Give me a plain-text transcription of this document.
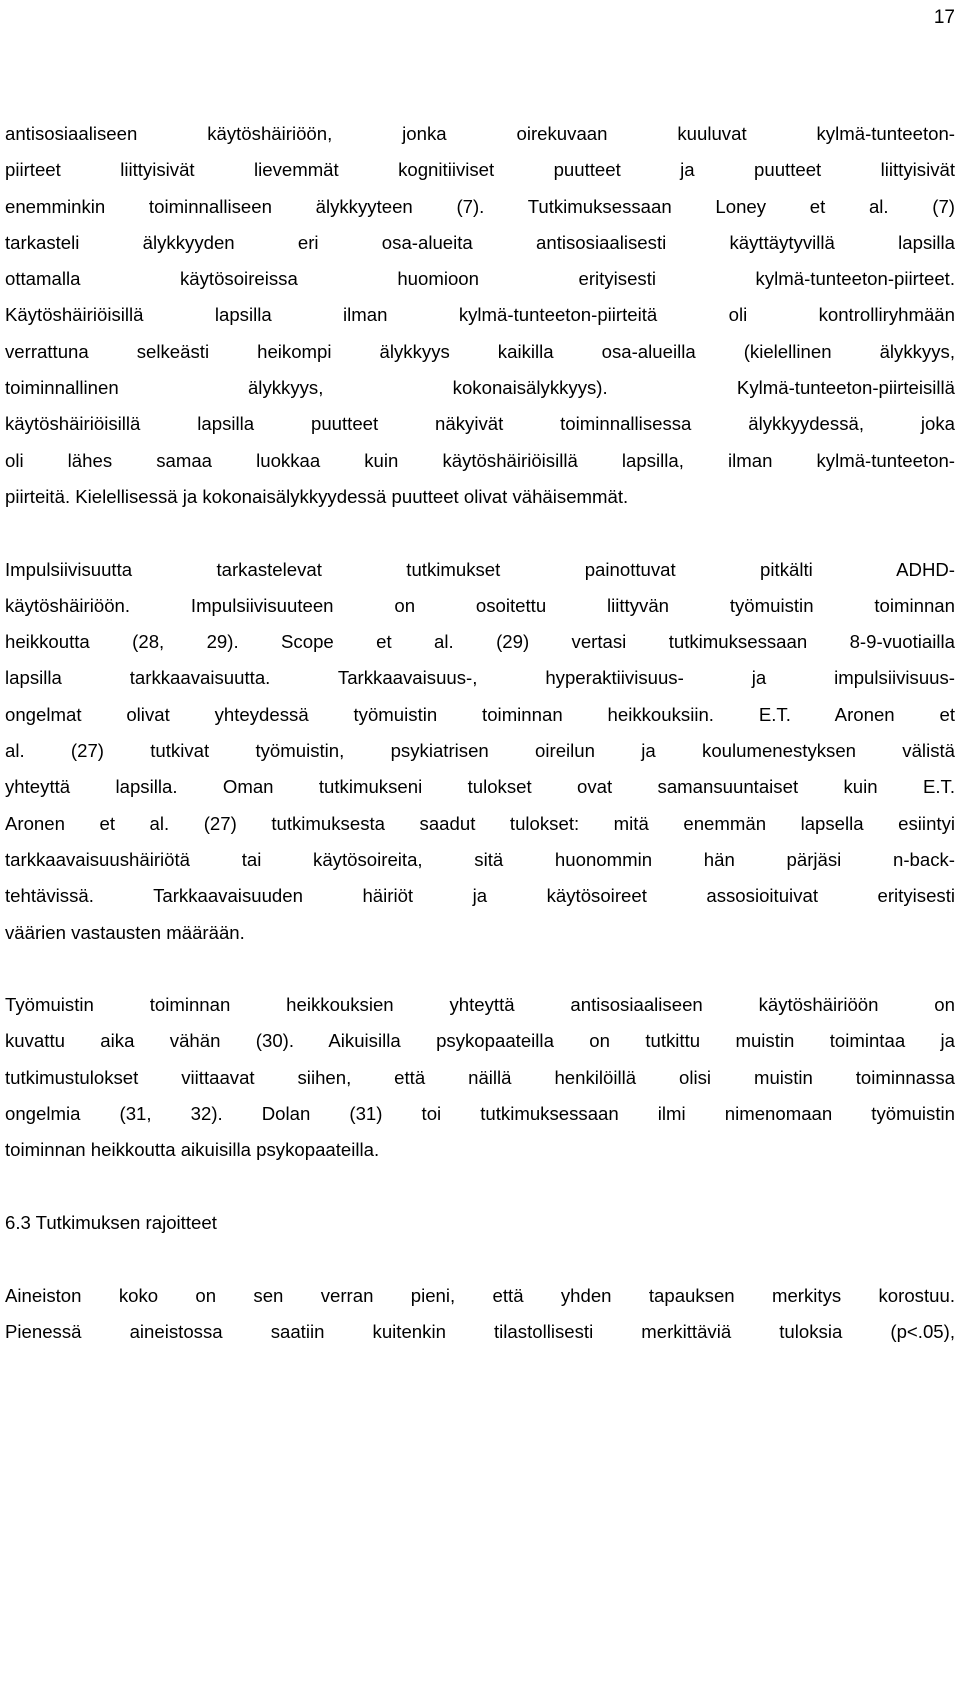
17
antisosiaaliseen käytöshäiriöön, jonka oirekuvaan kuuluvat kylmä-tunteeton-
piirteet liittyisivät lievemmät kognitiiviset puutteet ja puutteet liittyisivät
enemminkin toiminnalliseen älykkyyteen (7). Tutkimuksessaan Loney et al. (7)
tarkasteli älykkyyden eri osa-alueita antisosiaalisesti käyttäytyvillä lapsilla
ottamalla käytösoireissa huomioon erityisesti kylmä-tunteeton-piirteet.
Käytöshäiriöisillä lapsilla ilman kylmä-tunteeton-piirteitä oli kontrolliryhmään
verrattuna selkeästi heikompi älykkyys kaikilla osa-alueilla (kielellinen älykkyys,
toiminnallinen älykkyys, kokonaisälykkyys). Kylmä-tunteeton-piirteisillä
käytöshäiriöisillä lapsilla puutteet näkyivät toiminnallisessa älykkyydessä, joka
oli lähes samaa luokkaa kuin käytöshäiriöisillä lapsilla, ilman kylmä-tunteeton-
piirteitä. Kielellisessä ja kokonaisälykkyydessä puutteet olivat vähäisemmät.
Impulsiivisuutta tarkastelevat tutkimukset painottuvat pitkälti ADHD-
käytöshäiriöön. Impulsiivisuuteen on osoitettu liittyvän työmuistin toiminnan
heikkoutta (28, 29). Scope et al. (29) vertasi tutkimuksessaan 8-9-vuotiailla
lapsilla tarkkaavaisuutta. Tarkkaavaisuus-, hyperaktiivisuus- ja impulsiivisuus-
ongelmat olivat yhteydessä työmuistin toiminnan heikkouksiin. E.T. Aronen et
al. (27) tutkivat työmuistin, psykiatrisen oireilun ja koulumenestyksen välistä
yhteyttä lapsilla. Oman tutkimukseni tulokset ovat samansuuntaiset kuin E.T.
Aronen et al. (27) tutkimuksesta saadut tulokset: mitä enemmän lapsella esiintyi
tarkkaavaisuushäiriötä tai käytösoireita, sitä huonommin hän pärjäsi n-back-
tehtävissä. Tarkkaavaisuuden häiriöt ja käytösoireet assosioituivat erityisesti
väärien vastausten määrään.
Työmuistin toiminnan heikkouksien yhteyttä antisosiaaliseen käytöshäiriöön on
kuvattu aika vähän (30). Aikuisilla psykopaateilla on tutkittu muistin toimintaa ja
tutkimustulokset viittaavat siihen, että näillä henkilöillä olisi muistin toiminnassa
ongelmia (31, 32). Dolan (31) toi tutkimuksessaan ilmi nimenomaan työmuistin
toiminnan heikkoutta aikuisilla psykopaateilla.
6.3 Tutkimuksen rajoitteet
Aineiston koko on sen verran pieni, että yhden tapauksen merkitys korostuu.
Pienessä aineistossa saatiin kuitenkin tilastollisesti merkittäviä tuloksia (p<.05),
